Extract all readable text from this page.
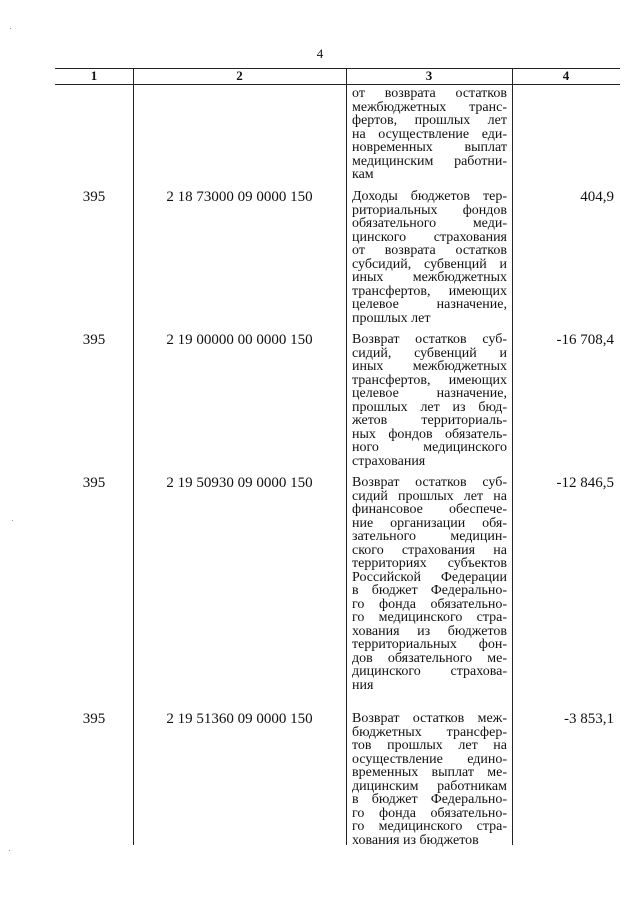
4
1	2	3	4
от возврата остатков
межбюджетных транс-
фертов, прошлых лет
на осуществление еди-
новременных выплат
медицинским работни-
кам
395	2 18 73000 09 0000 150	Доходы бюджетов тер-
риториальных фондов
обязательного меди-
цинского страхования
от возврата остатков
субсидий, субвенций и
иных межбюджетных
трансфертов, имеющих
целевое назначение,
прошлых лет
404,9
395	2 19 00000 00 0000 150	Возврат остатков суб-
сидий, субвенций и
иных межбюджетных
трансфертов, имеющих
целевое назначение,
прошлых лет из бюд-
жетов территориаль-
ных фондов обязатель-
ного медицинского
страхования
-16 708,4
395	2 19 50930 09 0000 150	Возврат остатков суб-
сидий прошлых лет на
финансовое обеспече-
ние организации обя-
зательного медицин-
ского страхования на
территориях субъектов
Российской Федерации
в бюджет Федерально-
го фонда обязательно-
го медицинского стра-
хования из бюджетов
территориальных фон-
дов обязательного ме-
дицинского страхова-
ния
-12 846,5
395	2 19 51360 09 0000 150	Возврат остатков меж-
бюджетных трансфер-
тов прошлых лет на
осуществление едино-
временных выплат ме-
дицинским работникам
в бюджет Федерально-
го фонда обязательно-
го медицинского стра-
хования из бюджетов
-3 853,1
